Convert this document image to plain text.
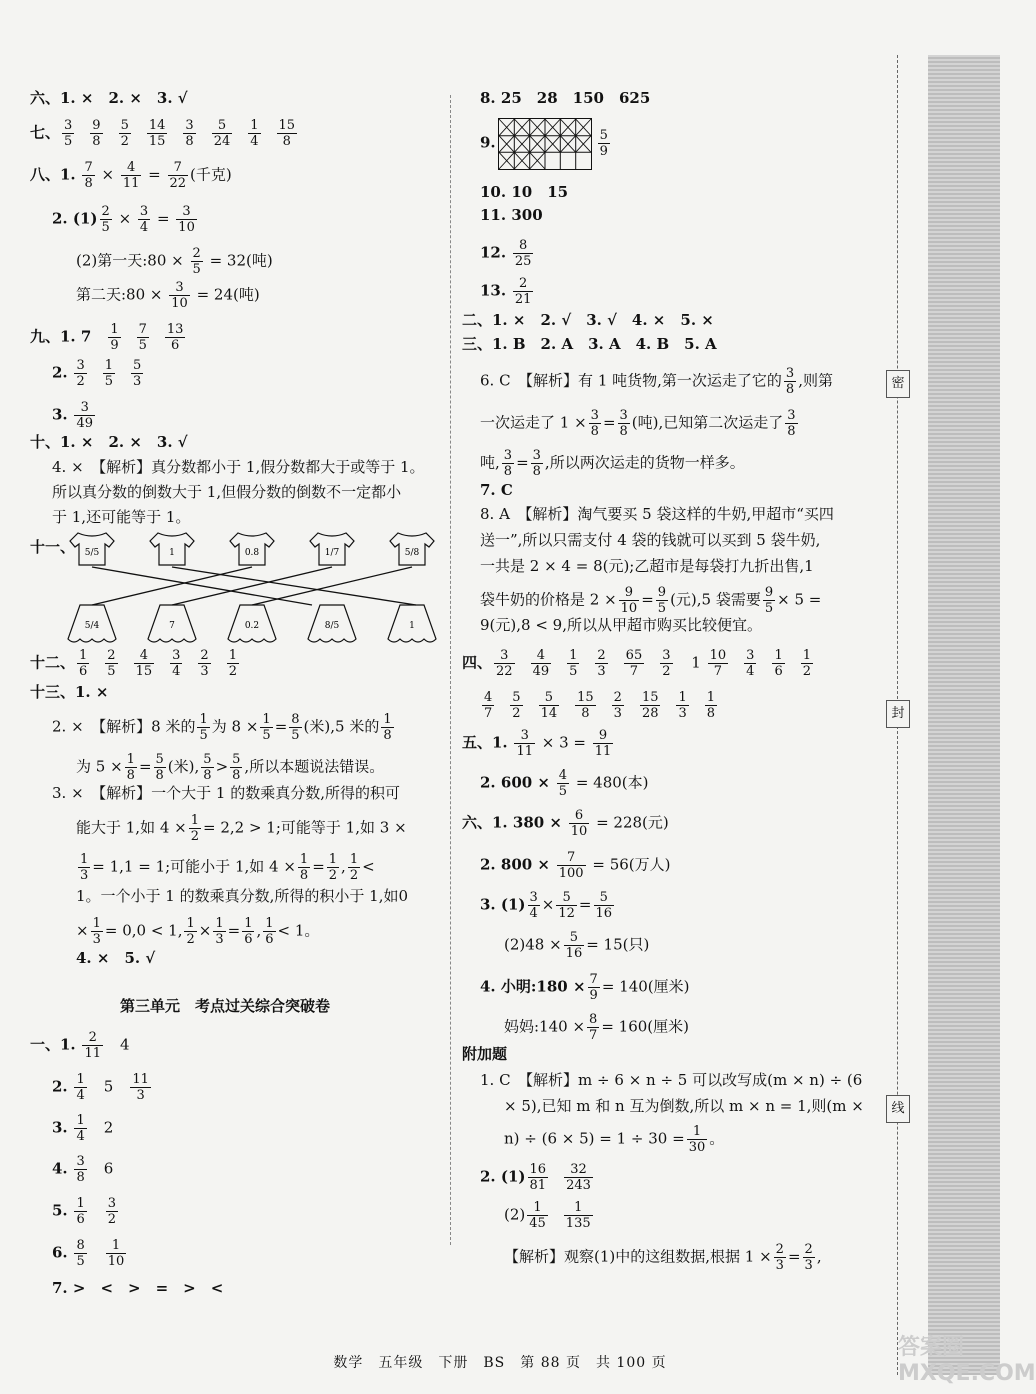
密
封
线
六、1. ×　2. ×　3. √
七、 $\frac{3}{5} \frac{9}{8} \frac{5}{2} \frac{14}{15} \frac{3}{8} \frac{5}{24} \frac{1}{4} \frac{15}{8}$
八、1. $\frac{7}{8} \times \frac{4}{11} = \frac{7}{22}$ (千克)
2. $(1) \frac{2}{5} \times \frac{3}{4} = \frac{3}{10}$
(2)第一天:80 × $\frac{2}{5} = 32$(吨)
第二天:80 × $\frac{3}{10} = 24$(吨)
九、1. 7　 $\frac{1}{9} \frac{7}{5} \frac{13}{6}$
2. $\frac{3}{2} \frac{1}{5} \frac{5}{3}$
3. $\frac{3}{49}$
十、1. ×　2. ×　3. √
4. ×　【解析】真分数都小于 1,假分数都大于或等于 1。
所以真分数的倒数大于 1,但假分数的倒数不一定都小
于 1,还可能等于 1。
十一、 5/5	1	0.8	1/7	5/8
5/4	7	0.2	8/5	1
十二、 $\frac{1}{6} \frac{2}{5} \frac{4}{15} \frac{3}{4} \frac{2}{3} \frac{1}{2}$
十三、1. ×
2. ×　【解析】8 米的 $\frac{1}{5}$ 为 $8 \times \frac{1}{5} = \frac{8}{5}$ (米),5 米的 $\frac{1}{8}$
为 $5 \times \frac{1}{8} = \frac{5}{8}$ (米), $\frac{5}{8} > \frac{5}{8}$ ,所以本题说法错误。
3. ×　【解析】一个大于 1 的数乘真分数,所得的积可
能大于 1,如 $4 \times \frac{1}{2} = 2,2 > 1$;可能等于 1,如 3 ×
$\frac{1}{3} = 1,1 = 1$;可能小于 1,如 $4 \times \frac{1}{8} = \frac{1}{2}$ , $\frac{1}{2}$ <
1。一个小于 1 的数乘真分数,所得的积小于 1,如0
× $\frac{1}{3} = 0,0 < 1$, $\frac{1}{2} \times \frac{1}{3} = \frac{1}{6}$ , $\frac{1}{6} < 1$。
4. ×　5. √
第三单元　考点过关综合突破卷
一、1. $\frac{2}{11}$
　 4
2. $\frac{1}{4}$
　 5　 $\frac{11}{3}$
3. $\frac{1}{4}$
　 2
4. $\frac{3}{8}$
　 6
5. $\frac{1}{6}$
　 $\frac{3}{2}$
6. $\frac{8}{5}$
　 $\frac{1}{10}$
7. >　<　>　=　>　<
8. 25　28　150　625
9.	$\frac{5}{9}$
10. 10　15
11. 300
12. $\frac{8}{25}$
13. $\frac{2}{21}$
二、1. ×　2. √　3. √　4. ×　5. ×
三、1. B　2. A　3. A　4. B　5. A
6. C　【解析】有 1 吨货物,第一次运走了它的 $\frac{3}{8}$ ,则第
一次运走了 $1 \times \frac{3}{8} = \frac{3}{8}$ (吨),已知第二次运走了 $\frac{3}{8}$
吨, $\frac{3}{8} = \frac{3}{8}$ ,所以两次运走的货物一样多。
7. C
8. A　【解析】淘气要买 5 袋这样的牛奶,甲超市“买四
送一”,所以只需支付 4 袋的钱就可以买到 5 袋牛奶,
一共是 2 × 4 = 8(元);乙超市是每袋打九折出售,1
袋牛奶的价格是 $2 \times \frac{9}{10} = \frac{9}{5}$ (元),5 袋需要 $\frac{9}{5} \times 5$ =
9(元),8 < 9,所以从甲超市购买比较便宜。
四、 $\frac{3}{22} \frac{4}{49} \frac{1}{5} \frac{2}{3} \frac{65}{7} \frac{3}{2} 1 \frac{10}{7} \frac{3}{4} \frac{1}{6} \frac{1}{2}$
$\frac{4}{7} \frac{5}{2} \frac{5}{14} \frac{15}{8} \frac{2}{3} \frac{15}{28} \frac{1}{3} \frac{1}{8}$
五、1. $\frac{3}{11} \times 3 = \frac{9}{11}$
2. $600 \times \frac{4}{5} = 480$(本)
六、1. $380 \times \frac{6}{10} = 228$(元)
2. $800 \times \frac{7}{100} = 56$(万人)
3. $(1) \frac{3}{4} \times \frac{5}{12} = \frac{5}{16}$
$(2)48 \times \frac{5}{16} = 15$(只)
4. 小明:180 × $\frac{7}{9} = 140$(厘米)
妈妈:140 × $\frac{8}{7} = 160$(厘米)
附加题
1. C　【解析】m ÷ 6 × n ÷ 5 可以改写成(m × n) ÷ (6
× 5),已知 m 和 n 互为倒数,所以 m × n = 1,则(m ×
$n) \div (6 \times 5) = 1 \div 30 = \frac{1}{30}$ 。
2. $(1) \frac{16}{81} \frac{32}{243}$
$(2) \frac{1}{45} \frac{1}{135}$
【解析】观察(1)中的这组数据,根据 $1 \times \frac{2}{3} = \frac{2}{3}$ ,
数学　五年级　下册　BS　第 88 页　共 100 页
答案圈 MXQE.COM
